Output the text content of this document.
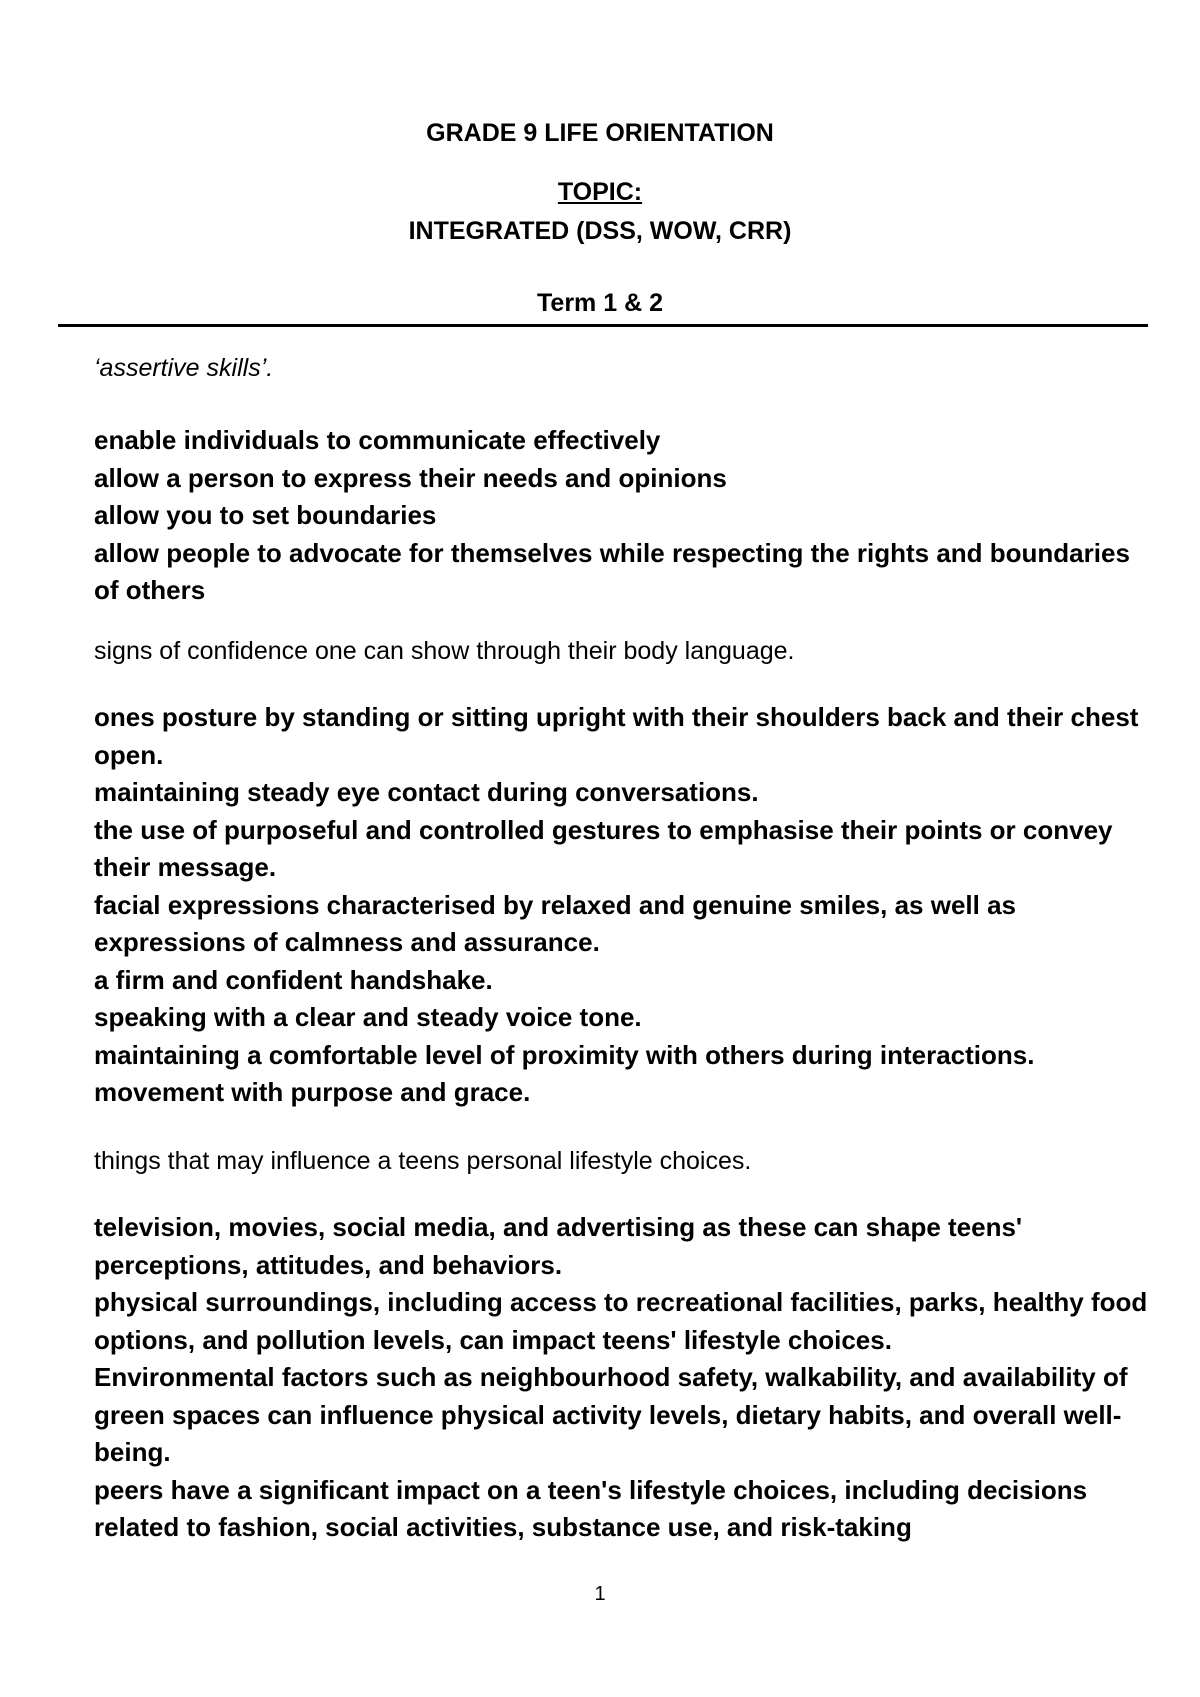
GRADE 9 LIFE ORIENTATION
TOPIC:
INTEGRATED (DSS, WOW, CRR)
Term 1 & 2
‘assertive skills’.

enable individuals to communicate effectively

allow a person to express their needs and opinions

allow you to set boundaries

allow people to advocate for themselves while respecting the rights and boundaries of others

signs of confidence one can show through their body language.

ones posture by standing or sitting upright with their shoulders back and their chest open.

maintaining steady eye contact during conversations.

the use of purposeful and controlled gestures to emphasise their points or convey their message.

facial expressions characterised by relaxed and genuine smiles, as well as expressions of calmness and assurance.

a firm and confident handshake.

speaking with a clear and steady voice tone.

maintaining a comfortable level of proximity with others during interactions.

movement with purpose and grace.

things that may influence a teens personal lifestyle choices.

television, movies, social media, and advertising as these can shape teens' perceptions, attitudes, and behaviors.

physical surroundings, including access to recreational facilities, parks, healthy food options, and pollution levels, can impact teens' lifestyle choices.

Environmental factors such as neighbourhood safety, walkability, and availability of green spaces can influence physical activity levels, dietary habits, and overall well-being.

peers have a significant impact on a teen's lifestyle choices, including decisions related to fashion, social activities, substance use, and risk-taking

1
